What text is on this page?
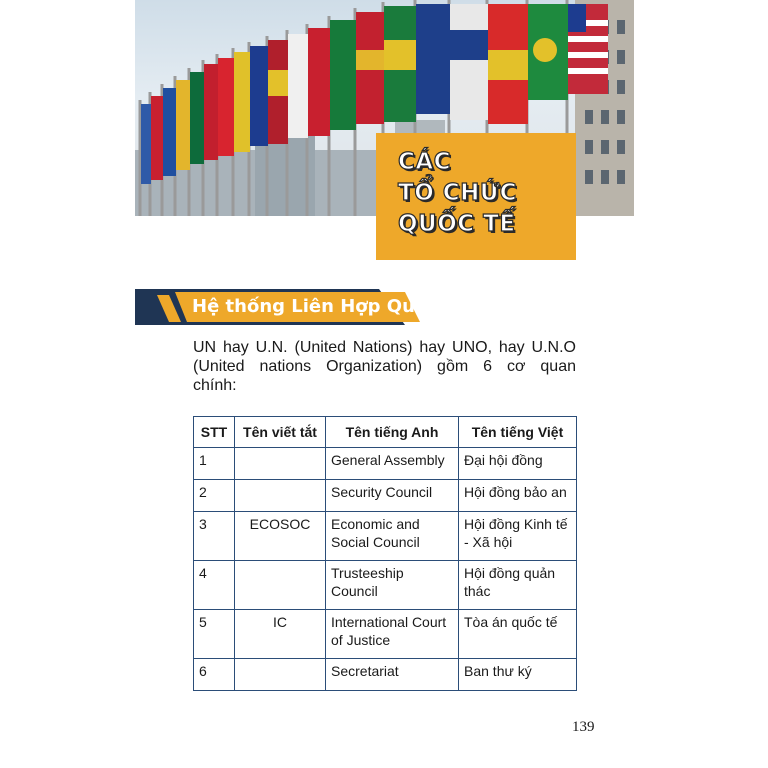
CÁC
TỔ CHỨC
QUỐC TẾ
Hệ thống Liên Hợp Quốc
UN hay U.N. (United Nations) hay UNO, hay U.N.O
(United nations Organization) gồm 6 cơ quan
chính:
STT	Tên viết tắt	Tên tiếng Anh	Tên tiếng Việt
1		General Assembly	Đại hội đồng
2		Security Council	Hội đồng bảo an
3	ECOSOC	Economic and Social Council	Hội đồng Kinh tế - Xã hội
4		Trusteeship Council	Hội đồng quản thác
5	IC	International Court of Justice	Tòa án quốc tế
6		Secretariat	Ban thư ký
139
